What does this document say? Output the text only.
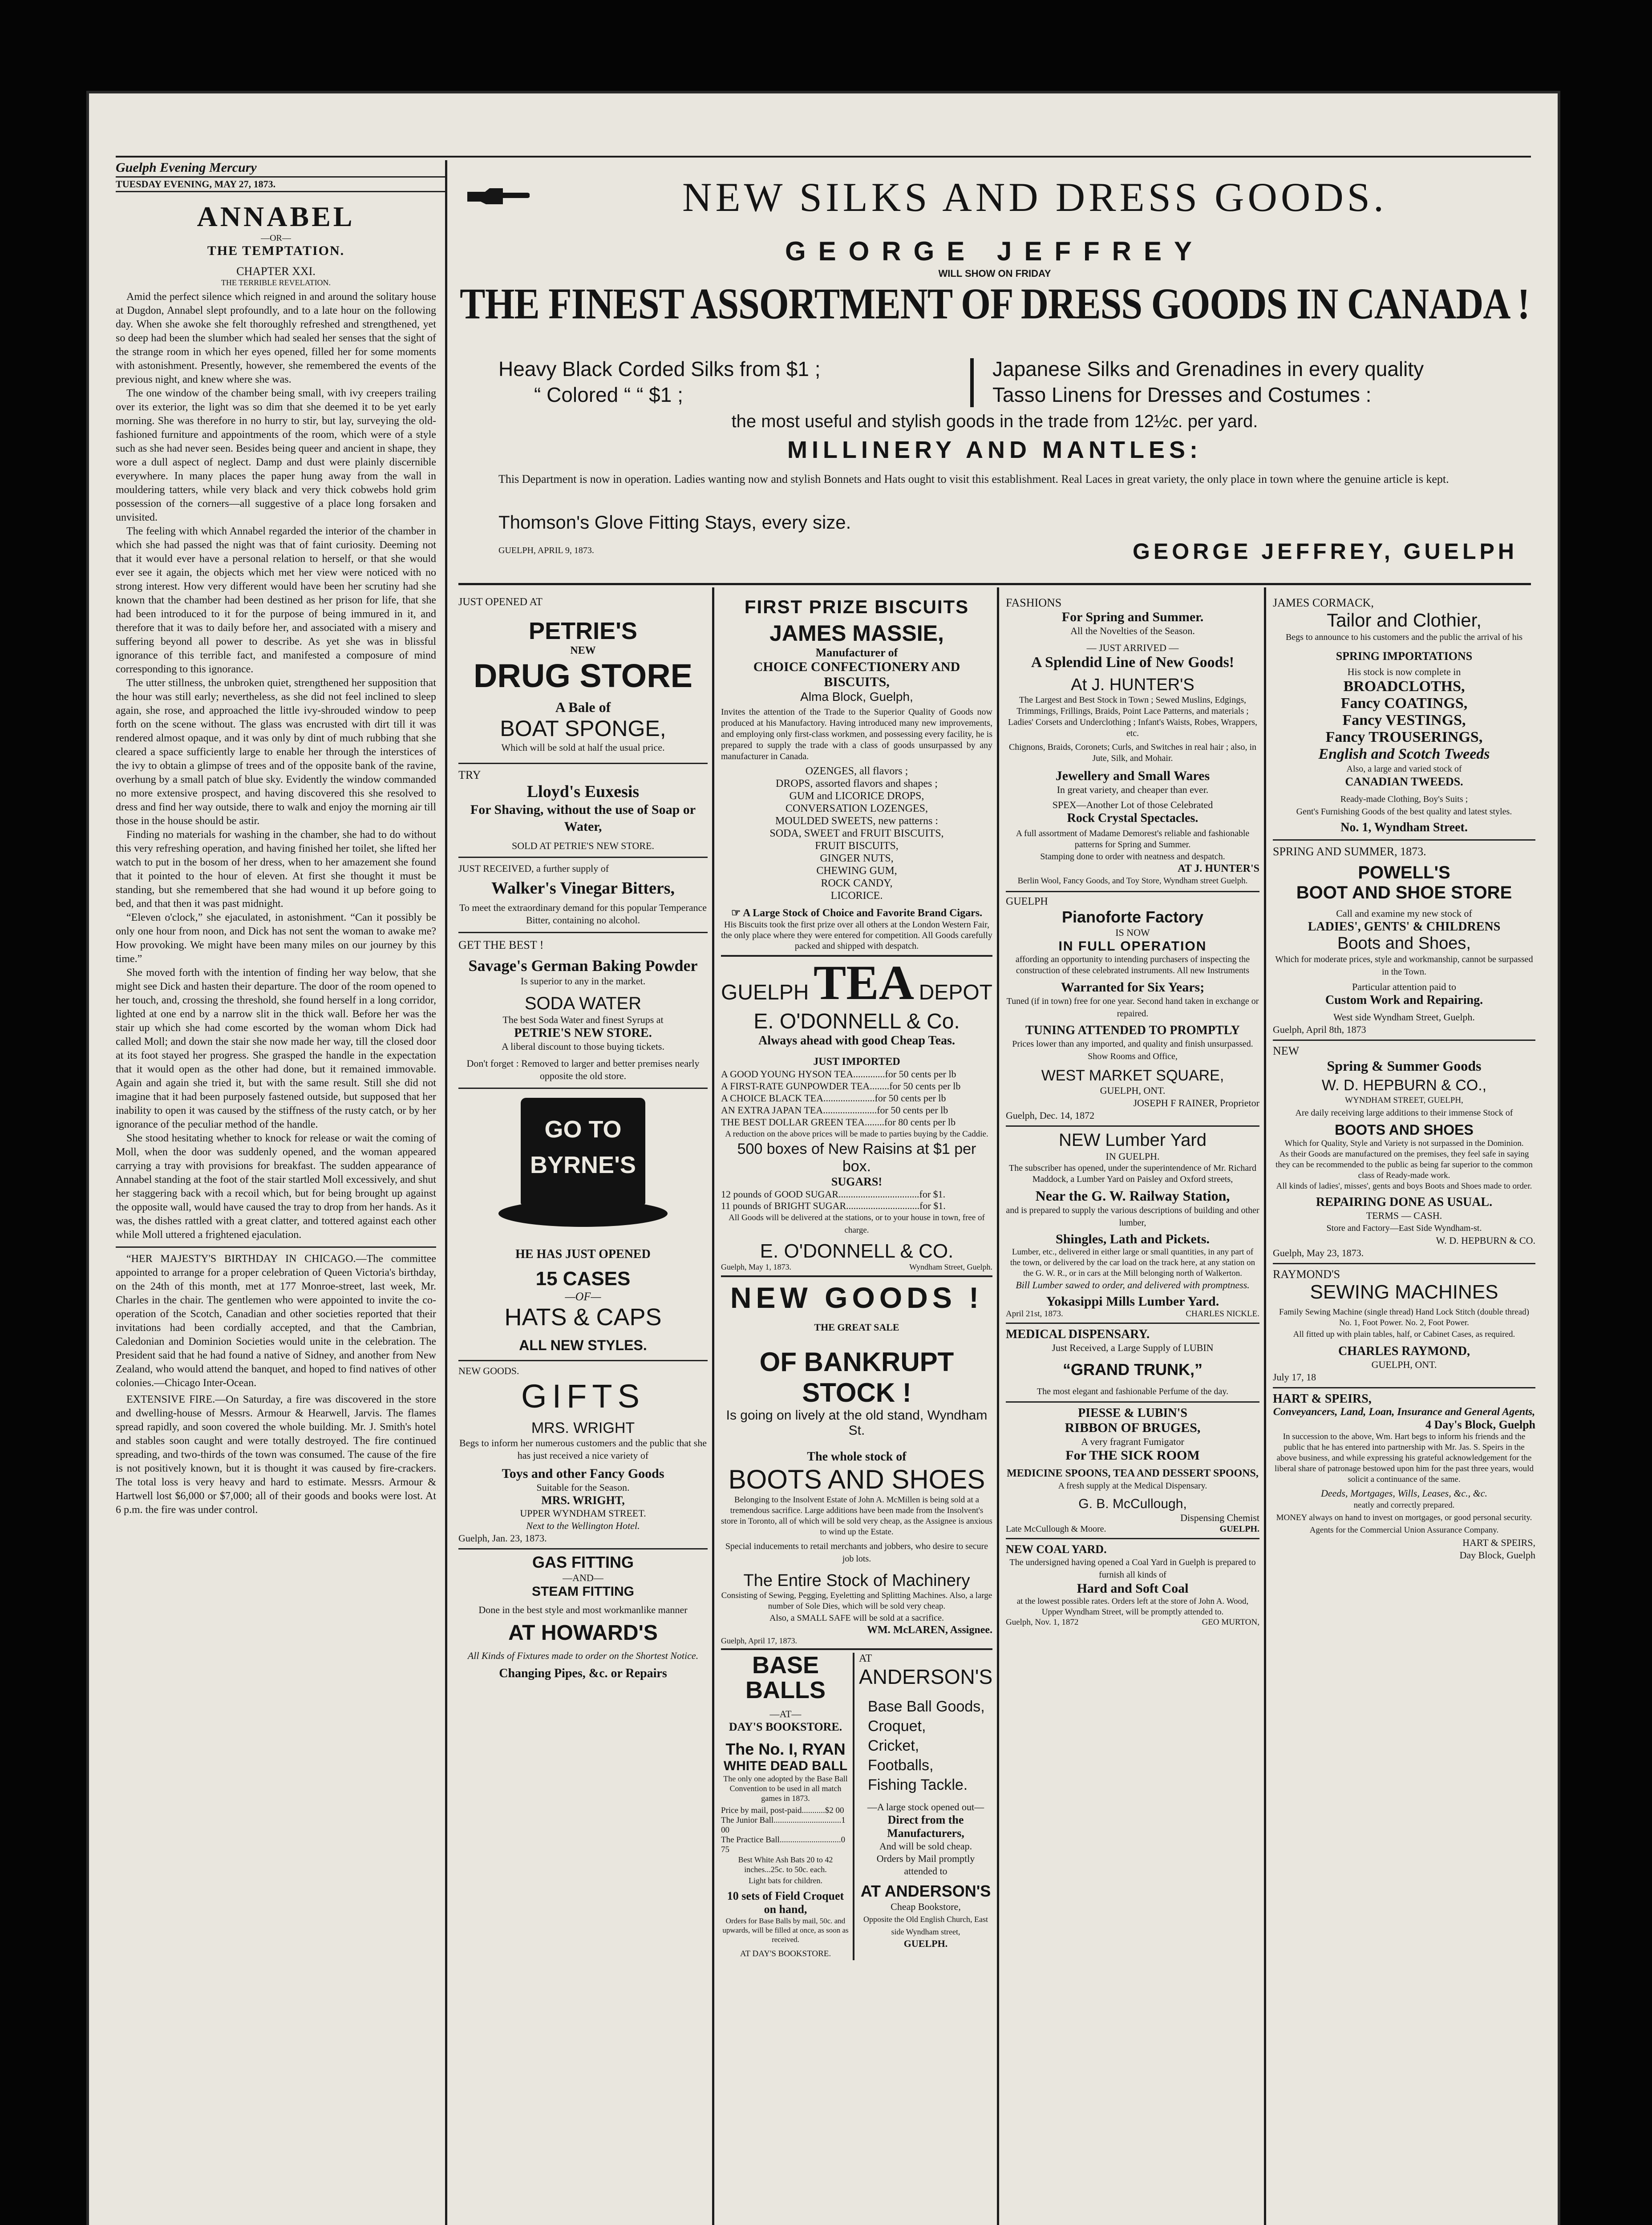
Guelph Evening Mercury
TUESDAY EVENING, MAY 27, 1873.
ANNABEL
—OR—
THE TEMPTATION.
CHAPTER XXI.
THE TERRIBLE REVELATION.

Amid the perfect silence which reigned in and around the solitary house at Dugdon, Annabel slept profoundly, and to a late hour on the following day. When she awoke she felt thoroughly refreshed and strengthened, yet so deep had been the slumber which had sealed her senses that the sight of the strange room in which her eyes opened, filled her for some moments with astonishment. Presently, however, she remembered the events of the previous night, and knew where she was.

The one window of the chamber being small, with ivy creepers trailing over its exterior, the light was so dim that she deemed it to be yet early morning. She was therefore in no hurry to stir, but lay, surveying the old-fashioned furniture and appointments of the room, which were of a style such as she had never seen. Besides being queer and ancient in shape, they wore a dull aspect of neglect. Damp and dust were plainly discernible everywhere. In many places the paper hung away from the wall in mouldering tatters, while very black and very thick cobwebs hold grim possession of the corners—all suggestive of a place long forsaken and unvisited.

The feeling with which Annabel regarded the interior of the chamber in which she had passed the night was that of faint curiosity. Deeming not that it would ever have a personal relation to herself, or that she would ever see it again, the objects which met her view were noticed with no strong interest. How very different would have been her scrutiny had she known that the chamber had been destined as her prison for life, that she had been introduced to it for the purpose of being immured in it, and therefore that it was to daily before her, and associated with a misery and suffering beyond all power to describe. As yet she was in blissful ignorance of this terrible fact, and manifested a composure of mind corresponding to this ignorance.

The utter stillness, the unbroken quiet, strengthened her supposition that the hour was still early; nevertheless, as she did not feel inclined to sleep again, she rose, and approached the little ivy-shrouded window to peep forth on the scene without. The glass was encrusted with dirt till it was rendered almost opaque, and it was only by dint of much rubbing that she cleared a space sufficiently large to enable her through the interstices of the ivy to obtain a glimpse of trees and of the opposite bank of the ravine, overhung by a small patch of blue sky. Evidently the window commanded no more extensive prospect, and having discovered this she resolved to dress and find her way outside, there to walk and enjoy the morning air till those in the house should be astir.

Finding no materials for washing in the chamber, she had to do without this very refreshing operation, and having finished her toilet, she lifted her watch to put in the bosom of her dress, when to her amazement she found that it pointed to the hour of eleven. At first she thought it must be standing, but she remembered that she had wound it up before going to bed, and that then it was past midnight.

“Eleven o'clock,” she ejaculated, in astonishment. “Can it possibly be only one hour from noon, and Dick has not sent the woman to awake me? How provoking. We might have been many miles on our journey by this time.”

She moved forth with the intention of finding her way below, that she might see Dick and hasten their departure. The door of the room opened to her touch, and, crossing the threshold, she found herself in a long corridor, lighted at one end by a narrow slit in the thick wall. Before her was the stair up which she had come escorted by the woman whom Dick had called Moll; and down the stair she now made her way, till the closed door at its foot stayed her progress. She grasped the handle in the expectation that it would open as the other had done, but it remained immovable. Again and again she tried it, but with the same result. Still she did not imagine that it had been purposely fastened outside, but supposed that her inability to open it was caused by the stiffness of the rusty catch, or by her ignorance of the peculiar method of the handle.

She stood hesitating whether to knock for release or wait the coming of Moll, when the door was suddenly opened, and the woman appeared carrying a tray with provisions for breakfast. The sudden appearance of Annabel standing at the foot of the stair startled Moll excessively, and shut her staggering back with a recoil which, but for being brought up against the opposite wall, would have caused the tray to drop from her hands. As it was, the dishes rattled with a great clatter, and tottered against each other while Moll uttered a frightened ejaculation.

“HER MAJESTY'S BIRTHDAY IN CHICAGO.—The committee appointed to arrange for a proper celebration of Queen Victoria's birthday, on the 24th of this month, met at 177 Monroe-street, last week, Mr. Charles in the chair. The gentlemen who were appointed to invite the co-operation of the Scotch, Canadian and other societies reported that their invitations had been cordially accepted, and that the Cambrian, Caledonian and Dominion Societies would unite in the celebration. The President said that he had found a native of Sidney, and another from New Zealand, who would attend the banquet, and hoped to find natives of other colonies.—Chicago Inter-Ocean.

EXTENSIVE FIRE.—On Saturday, a fire was discovered in the store and dwelling-house of Messrs. Armour & Hearwell, Jarvis. The flames spread rapidly, and soon covered the whole building. Mr. J. Smith's hotel and stables soon caught and were totally destroyed. The fire continued spreading, and two-thirds of the town was consumed. The cause of the fire is not positively known, but it is thought it was caused by fire-crackers. The total loss is very heavy and hard to estimate. Messrs. Armour & Hartwell lost $6,000 or $7,000; all of their goods and books were lost. At 6 p.m. the fire was under control.

NEW SILKS AND DRESS GOODS.
GEORGE JEFFREY
WILL SHOW ON FRIDAY
THE FINEST ASSORTMENT OF DRESS GOODS IN CANADA !
Heavy Black Corded Silks from $1 ;
“ Colored “ “ $1 ;
Japanese Silks and Grenadines in every quality
Tasso Linens for Dresses and Costumes :
the most useful and stylish goods in the trade from 12½c. per yard.
MILLINERY AND MANTLES:
This Department is now in operation. Ladies wanting now and stylish Bonnets and Hats ought to visit this establishment. Real Laces in great variety, the only place in town where the genuine article is kept.
Thomson's Glove Fitting Stays, every size.
GUELPH, APRIL 9, 1873.	GEORGE JEFFREY, GUELPH
JUST OPENED AT
PETRIE'S
NEW
DRUG STORE
A Bale of
BOAT SPONGE,
Which will be sold at half the usual price.
TRY
Lloyd's Euxesis
For Shaving, without the use of Soap or Water,
SOLD AT PETRIE'S NEW STORE.
JUST RECEIVED, a further supply of
Walker's Vinegar Bitters,
To meet the extraordinary demand for this popular Temperance Bitter, containing no alcohol.
GET THE BEST !
Savage's German Baking Powder
Is superior to any in the market.
SODA WATER
The best Soda Water and finest Syrups at
PETRIE'S NEW STORE.
A liberal discount to those buying tickets.
Don't forget : Removed to larger and better premises nearly opposite the old store.
GO TO
BYRNE'S
HE HAS JUST OPENED
15 CASES
—OF—
HATS & CAPS
ALL NEW STYLES.
NEW GOODS.
GIFTS
MRS. WRIGHT
Begs to inform her numerous customers and the public that she has just received a nice variety of
Toys and other Fancy Goods
Suitable for the Season.
MRS. WRIGHT,
UPPER WYNDHAM STREET.
Next to the Wellington Hotel.
Guelph, Jan. 23, 1873.
GAS FITTING
—AND—
STEAM FITTING
Done in the best style and most workmanlike manner
AT HOWARD'S
All Kinds of Fixtures made to order on the Shortest Notice.
Changing Pipes, &c. or Repairs
FIRST PRIZE BISCUITS
JAMES MASSIE,
Manufacturer of
CHOICE CONFECTIONERY AND BISCUITS,
Alma Block, Guelph,
Invites the attention of the Trade to the Superior Quality of Goods now produced at his Manufactory. Having introduced many new improvements, and employing only first-class workmen, and possessing every facility, he is prepared to supply the trade with a class of goods unsurpassed by any manufacturer in Canada.
OZENGES, all flavors ;
DROPS, assorted flavors and shapes ;
GUM and LICORICE DROPS,
CONVERSATION LOZENGES,
MOULDED SWEETS, new patterns :
SODA, SWEET and FRUIT BISCUITS,
FRUIT BISCUITS,
GINGER NUTS,
CHEWING GUM,
ROCK CANDY,
LICORICE.
☞ A Large Stock of Choice and Favorite Brand Cigars.
His Biscuits took the first prize over all others at the London Western Fair, the only place where they were entered for competition. All Goods carefully packed and shipped with despatch.
GUELPH TEA DEPOT
E. O'DONNELL & Co.
Always ahead with good Cheap Teas.
JUST IMPORTED
A GOOD YOUNG HYSON TEA.............for 50 cents per lb
A FIRST-RATE GUNPOWDER TEA........for 50 cents per lb
A CHOICE BLACK TEA.....................for 50 cents per lb
AN EXTRA JAPAN TEA......................for 50 cents per lb
THE BEST DOLLAR GREEN TEA........for 80 cents per lb
A reduction on the above prices will be made to parties buying by the Caddie.
500 boxes of New Raisins at $1 per box.
SUGARS!
12 pounds of GOOD SUGAR.................................for $1.
11 pounds of BRIGHT SUGAR..............................for $1.
All Goods will be delivered at the stations, or to your house in town, free of charge.
E. O'DONNELL & CO.
Guelph, May 1, 1873.	Wyndham Street, Guelph.
NEW GOODS !
THE GREAT SALE
OF BANKRUPT STOCK !
Is going on lively at the old stand, Wyndham St.
The whole stock of
BOOTS AND SHOES
Belonging to the Insolvent Estate of John A. McMillen is being sold at a tremendous sacrifice. Large additions have been made from the Insolvent's store in Toronto, all of which will be sold very cheap, as the Assignee is anxious to wind up the Estate.
Special inducements to retail merchants and jobbers, who desire to secure job lots.
The Entire Stock of Machinery
Consisting of Sewing, Pegging, Eyeletting and Splitting Machines. Also, a large number of Sole Dies, which will be sold very cheap.
Also, a SMALL SAFE will be sold at a sacrifice.
WM. McLAREN, Assignee.
Guelph, April 17, 1873.
BASE BALLS
—AT—
DAY'S BOOKSTORE.
The No. I, RYAN
WHITE DEAD BALL
The only one adopted by the Base Ball Convention to be used in all match games in 1873.
Price by mail, post-paid...........$2 00
The Junior Ball................................1 00
The Practice Ball.............................0 75
Best White Ash Bats 20 to 42 inches...25c. to 50c. each.
Light bats for children.
10 sets of Field Croquet on hand,
Orders for Base Balls by mail, 50c. and upwards, will be filled at once, as soon as received.
AT DAY'S BOOKSTORE.
AT
ANDERSON'S
Base Ball Goods,
Croquet,
Cricket,
Footballs,
Fishing Tackle.
—A large stock opened out—
Direct from the Manufacturers,
And will be sold cheap.
Orders by Mail promptly attended to
AT ANDERSON'S
Cheap Bookstore,
Opposite the Old English Church, East side Wyndham street,
GUELPH.
FASHIONS
For Spring and Summer.
All the Novelties of the Season.
— JUST ARRIVED —
A Splendid Line of New Goods!
At J. HUNTER'S
The Largest and Best Stock in Town ; Sewed Muslins, Edgings, Trimmings, Frillings, Braids, Point Lace Patterns, and materials ; Ladies' Corsets and Underclothing ; Infant's Waists, Robes, Wrappers, etc.
Chignons, Braids, Coronets; Curls, and Switches in real hair ; also, in Jute, Silk, and Mohair.
Jewellery and Small Wares
In great variety, and cheaper than ever.
SPEX—Another Lot of those Celebrated
Rock Crystal Spectacles.
A full assortment of Madame Demorest's reliable and fashionable patterns for Spring and Summer.
Stamping done to order with neatness and despatch.
AT J. HUNTER'S
Berlin Wool, Fancy Goods, and Toy Store, Wyndham street Guelph.
GUELPH
Pianoforte Factory
IS NOW
IN FULL OPERATION
affording an opportunity to intending purchasers of inspecting the construction of these celebrated instruments. All new Instruments
Warranted for Six Years;
Tuned (if in town) free for one year. Second hand taken in exchange or repaired.
TUNING ATTENDED TO PROMPTLY
Prices lower than any imported, and quality and finish unsurpassed. Show Rooms and Office,
WEST MARKET SQUARE,
GUELPH, ONT.
JOSEPH F RAINER, Proprietor
Guelph, Dec. 14, 1872
NEW Lumber Yard
IN GUELPH.
The subscriber has opened, under the superintendence of Mr. Richard Maddock, a Lumber Yard on Paisley and Oxford streets,
Near the G. W. Railway Station,
and is prepared to supply the various descriptions of building and other lumber,
Shingles, Lath and Pickets.
Lumber, etc., delivered in either large or small quantities, in any part of the town, or delivered by the car load on the track here, at any station on the G. W. R., or in cars at the Mill belonging north of Walkerton.
Bill Lumber sawed to order, and delivered with promptness.
Yokasippi Mills Lumber Yard.
April 21st, 1873.	CHARLES NICKLE.
MEDICAL DISPENSARY.
Just Received, a Large Supply of LUBIN
“GRAND TRUNK,”
The most elegant and fashionable Perfume of the day.
PIESSE & LUBIN'S
RIBBON OF BRUGES,
A very fragrant Fumigator
For THE SICK ROOM
MEDICINE SPOONS, TEA AND DESSERT SPOONS,
A fresh supply at the Medical Dispensary.
G. B. McCullough,
Dispensing Chemist
Late McCullough & Moore.	GUELPH.
NEW COAL YARD.
The undersigned having opened a Coal Yard in Guelph is prepared to furnish all kinds of
Hard and Soft Coal
at the lowest possible rates. Orders left at the store of John A. Wood, Upper Wyndham Street, will be promptly attended to.
Guelph, Nov. 1, 1872	GEO MURTON,
JAMES CORMACK,
Tailor and Clothier,
Begs to announce to his customers and the public the arrival of his
SPRING IMPORTATIONS
His stock is now complete in
BROADCLOTHS,
Fancy COATINGS,
Fancy VESTINGS,
Fancy TROUSERINGS,
English and Scotch Tweeds
Also, a large and varied stock of
CANADIAN TWEEDS.
Ready-made Clothing, Boy's Suits ;
Gent's Furnishing Goods of the best quality and latest styles.
No. 1, Wyndham Street.
SPRING AND SUMMER, 1873.
POWELL'S
BOOT AND SHOE STORE
Call and examine my new stock of
LADIES', GENTS' & CHILDRENS
Boots and Shoes,
Which for moderate prices, style and workmanship, cannot be surpassed in the Town.
Particular attention paid to
Custom Work and Repairing.
West side Wyndham Street, Guelph.
Guelph, April 8th, 1873
NEW
Spring & Summer Goods
W. D. HEPBURN & CO.,
WYNDHAM STREET, GUELPH,
Are daily receiving large additions to their immense Stock of
BOOTS AND SHOES
Which for Quality, Style and Variety is not surpassed in the Dominion.
As their Goods are manufactured on the premises, they feel safe in saying they can be recommended to the public as being far superior to the common class of Ready-made work.
All kinds of ladies', misses', gents and boys Boots and Shoes made to order.
REPAIRING DONE AS USUAL.
TERMS — CASH.
Store and Factory—East Side Wyndham-st.
W. D. HEPBURN & CO.
Guelph, May 23, 1873.
RAYMOND'S
SEWING MACHINES
Family Sewing Machine (single thread) Hand Lock Stitch (double thread) No. 1, Foot Power. No. 2, Foot Power.
All fitted up with plain tables, half, or Cabinet Cases, as required.
CHARLES RAYMOND,
GUELPH, ONT.
July 17, 18
HART & SPEIRS,
Conveyancers, Land, Loan, Insurance and General Agents,
4 Day's Block, Guelph
In succession to the above, Wm. Hart begs to inform his friends and the public that he has entered into partnership with Mr. Jas. S. Speirs in the above business, and while expressing his grateful acknowledgement for the liberal share of patronage bestowed upon him for the past three years, would solicit a continuance of the same.
Deeds, Mortgages, Wills, Leases, &c., &c.
neatly and correctly prepared.
MONEY always on hand to invest on mortgages, or good personal security.
Agents for the Commercial Union Assurance Company.
HART & SPEIRS,
Day Block, Guelph
